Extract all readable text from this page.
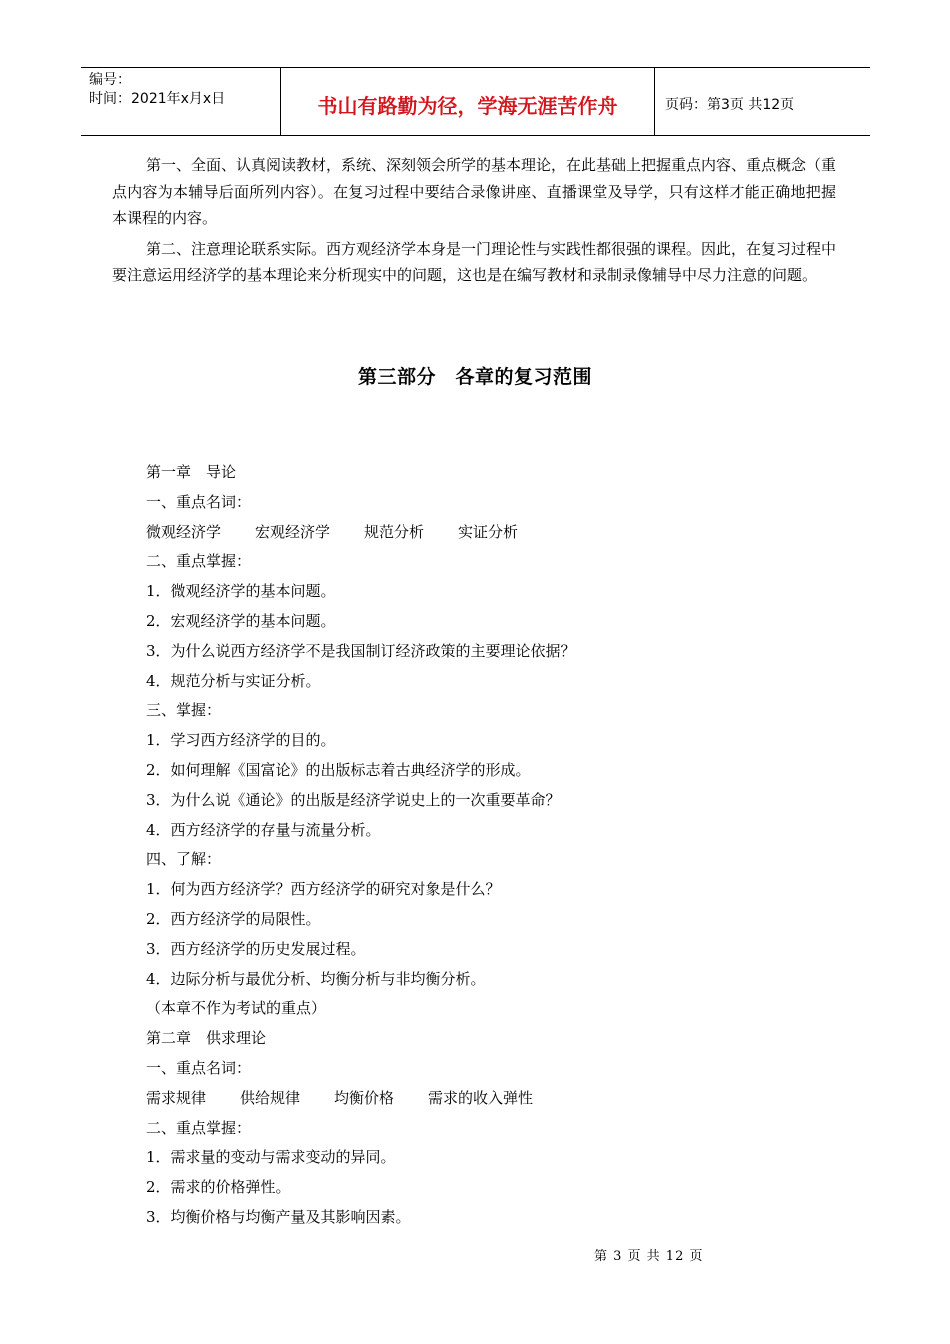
编号：
时间：2021年x月x日	书山有路勤为径，学海无涯苦作舟	页码：第3页 共12页

第一、全面、认真阅读教材，系统、深刻领会所学的基本理论，在此基础上把握重点内容、重点概念（重点内容为本辅导后面所列内容）。在复习过程中要结合录像讲座、直播课堂及导学，只有这样才能正确地把握本课程的内容。

第二、注意理论联系实际。西方观经济学本身是一门理论性与实践性都很强的课程。因此，在复习过程中要注意运用经济学的基本理论来分析现实中的问题，这也是在编写教材和录制录像辅导中尽力注意的问题。

第三部分　各章的复习范围
第一章　导论
一、重点名词：
微观经济学 宏观经济学 规范分析 实证分析
二、重点掌握：
1．微观经济学的基本问题。
2．宏观经济学的基本问题。
3．为什么说西方经济学不是我国制订经济政策的主要理论依据？
4．规范分析与实证分析。
三、掌握：
1．学习西方经济学的目的。
2．如何理解《国富论》的出版标志着古典经济学的形成。
3．为什么说《通论》的出版是经济学说史上的一次重要革命？
4．西方经济学的存量与流量分析。
四、了解：
1．何为西方经济学？西方经济学的研究对象是什么？
2．西方经济学的局限性。
3．西方经济学的历史发展过程。
4．边际分析与最优分析、均衡分析与非均衡分析。
（本章不作为考试的重点）
第二章　供求理论
一、重点名词：
需求规律 供给规律 均衡价格 需求的收入弹性
二、重点掌握：
1．需求量的变动与需求变动的异同。
2．需求的价格弹性。
3．均衡价格与均衡产量及其影响因素。
第 3 页 共 12 页
